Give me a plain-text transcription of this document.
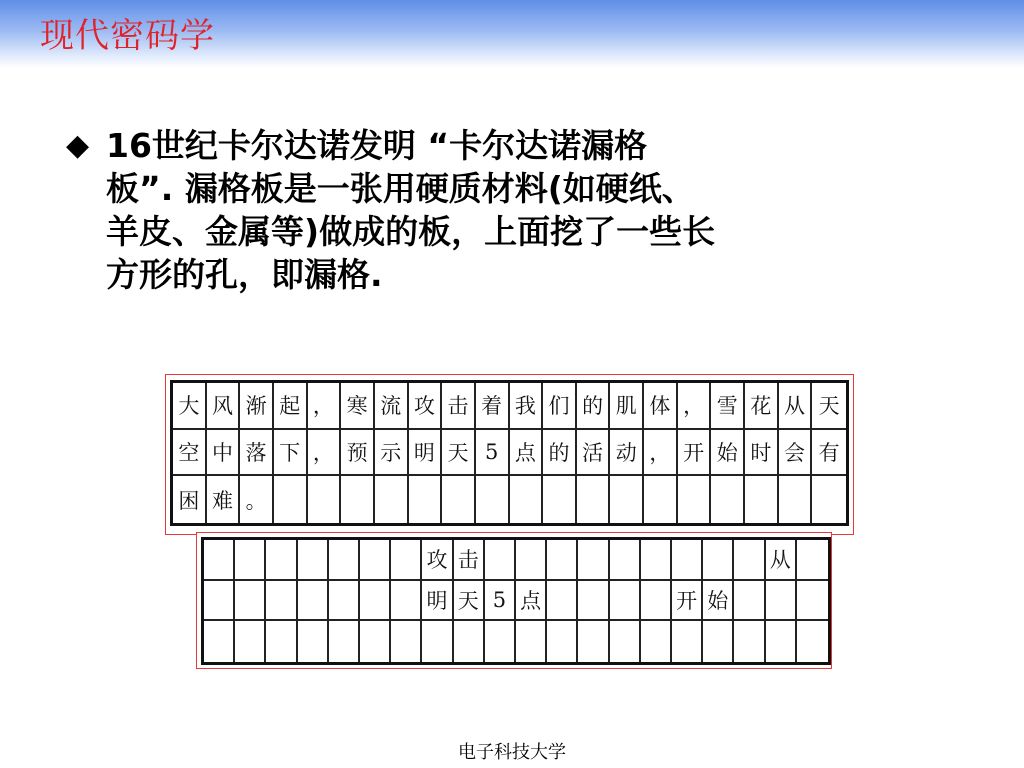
现代密码学
◆ 16世纪卡尔达诺发明 “卡尔达诺漏格
板”. 漏格板是一张用硬质材料(如硬纸、
羊皮、金属等)做成的板，上面挖了一些长
方形的孔，即漏格.
大 风 渐 起 ， 寒 流 攻 击 着 我 们 的 肌 体 ， 雪 花 从 天
空 中 落 下 ， 预 示 明 天 5 点 的 活 动 ， 开 始 时 会 有
困 难 。
攻 击	从
明 天 5 点	开 始
电子科技大学
